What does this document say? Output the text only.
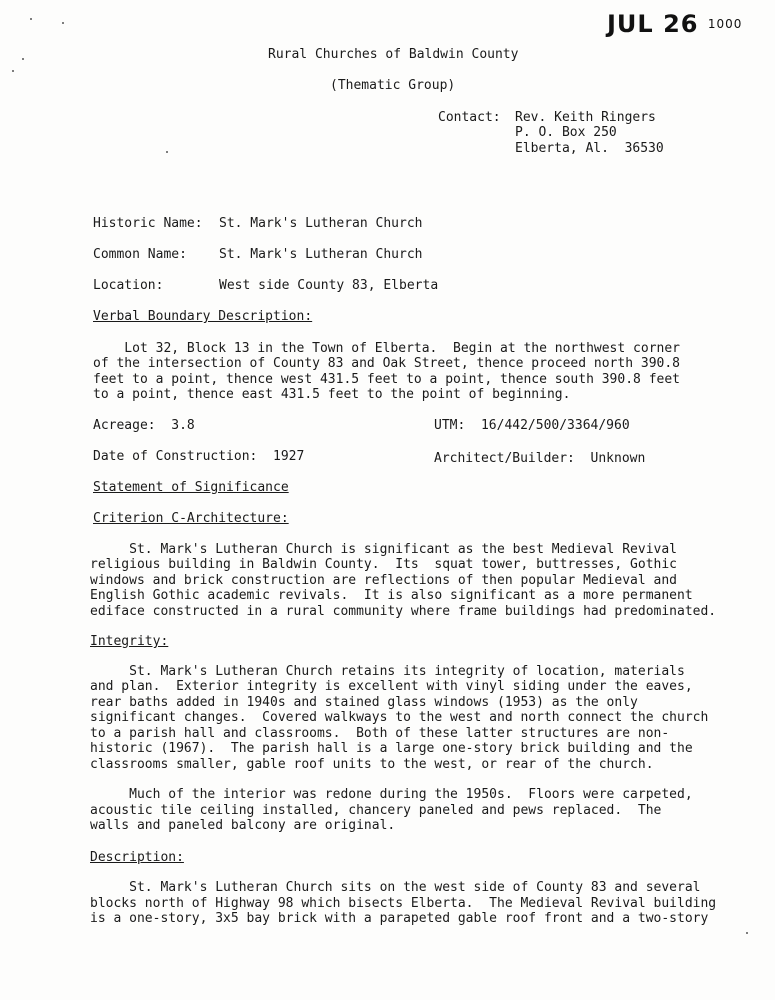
JUL 26 1000
Rural Churches of Baldwin County
(Thematic Group)
Contact: Rev. Keith Ringers
P. O. Box 250
Elberta, Al.  36530
Historic Name: St. Mark's Lutheran Church
Common Name: St. Mark's Lutheran Church
Location:	West side County 83, Elberta
Verbal Boundary Description:
Lot 32, Block 13 in the Town of Elberta.  Begin at the northwest corner
of the intersection of County 83 and Oak Street, thence proceed north 390.8
feet to a point, thence west 431.5 feet to a point, thence south 390.8 feet
to a point, thence east 431.5 feet to the point of beginning.
Acreage:  3.8	UTM:  16/442/500/3364/960
Date of Construction:  1927	Architect/Builder:  Unknown
Statement of Significance
Criterion C-Architecture:
St. Mark's Lutheran Church is significant as the best Medieval Revival
religious building in Baldwin County.  Its  squat tower, buttresses, Gothic
windows and brick construction are reflections of then popular Medieval and
English Gothic academic revivals.  It is also significant as a more permanent
ediface constructed in a rural community where frame buildings had predominated.
Integrity:
St. Mark's Lutheran Church retains its integrity of location, materials
and plan.  Exterior integrity is excellent with vinyl siding under the eaves,
rear baths added in 1940s and stained glass windows (1953) as the only
significant changes.  Covered walkways to the west and north connect the church
to a parish hall and classrooms.  Both of these latter structures are non-
historic (1967).  The parish hall is a large one-story brick building and the
classrooms smaller, gable roof units to the west, or rear of the church.
Much of the interior was redone during the 1950s.  Floors were carpeted,
acoustic tile ceiling installed, chancery paneled and pews replaced.  The
walls and paneled balcony are original.
Description:
St. Mark's Lutheran Church sits on the west side of County 83 and several
blocks north of Highway 98 which bisects Elberta.  The Medieval Revival building
is a one-story, 3x5 bay brick with a parapeted gable roof front and a two-story
